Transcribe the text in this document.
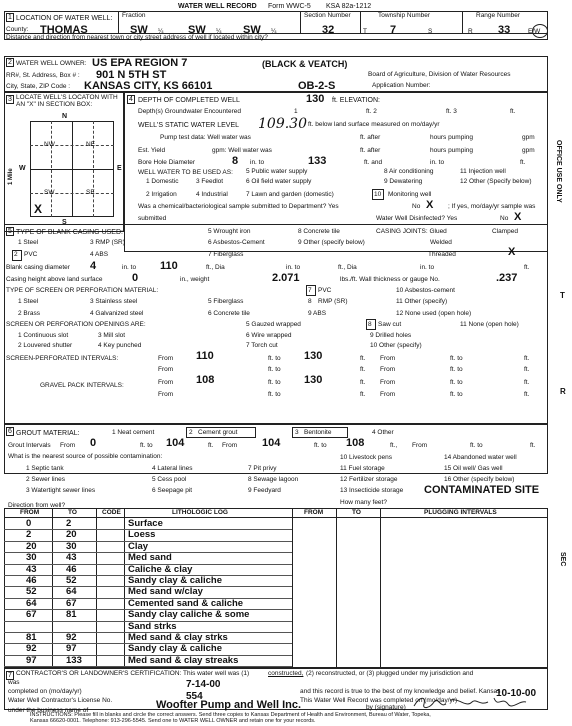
WATER WELL RECORD Form WWC-5 KSA 82a-1212
1 LOCATION OF WATER WELL:
County: THOMAS
Fraction
SW ¼ SW ¼ SW ¼
Section Number
32
Township Number
T 7	S
Range Number
R 33	E/W
Distance and direction from nearest town or city street address of well if located within city?
2 WATER WELL OWNER: US EPA REGION 7	(BLACK & VEATCH)
RR#, St. Address, Box # : 901 N 5TH ST
City, State, ZIP Code : KANSAS CITY, KS 66101	OB-2-S
Board of Agriculture, Division of Water Resources
Application Number:
3 LOCATE WELL'S LOCATON WITH AN "X" IN SECTION BOX:
N
S
W	E
NW	NE
SW	SE
X
1 Mile
4 DEPTH OF COMPLETED WELL	130 ft. ELEVATION:
Depth(s) Groundwater Encountered	1	ft. 2	ft. 3	ft.
WELL'S STATIC WATER LEVEL 109.30 ft. below land surface measured on mo/day/yr
Pump test data: Well water was	ft. after	hours pumping	gpm
Est. Yield	gpm: Well water was	ft. after	hours pumping	gpm
Bore Hole Diameter	8 in. to	133	ft. and	in. to	ft.
WELL WATER TO BE USED AS: 5 Public water supply
1 Domestic	3 Feedlot	6 Oil field water supply
8 Air conditioning
9 Dewatering
11 Injection well
12 Other (Specify below)
2 Irrigation	4 Industrial	7 Lawn and garden (domestic)	10 Monitoring well
Was a chemical/bacteriological sample submitted to Department? Yes	No X ; If yes, mo/day/yr sample was
submitted	Water Well Disinfected? Yes	No X
5 TYPE OF BLANK CASING USED:
1 Steel	3 RMP (SR)
5 Wrought iron
6 Asbestos-Cement
7 Fiberglass
8 Concrete tile
9 Other (specify below)
2 PVC	4 ABS
CASING JOINTS: Glued	Clamped
Welded
Threaded	X
Blank casing diameter 4	in. to 110	ft., Dia	in. to	ft., Dia	in. to	ft.
Casing height above land surface	0	in., weight	2.071	lbs./ft. Wall thickness or gauge No.	.237
TYPE OF SCREEN OR PERFORATION MATERIAL:
1 Steel	3 Stainless steel	5 Fiberglass
2 Brass	4 Galvanized steel	6 Concrete tile
7 PVC
8 RMP (SR)
9 ABS
10 Asbestos-cement
11 Other (specify)
12 None used (open hole)
SCREEN OR PERFORATION OPENINGS ARE:
1 Continuous slot
2 Louvered shutter
3 Mill slot
4 Key punched
5 Gauzed wrapped
6 Wire wrapped
7 Torch cut
8 Saw cut
9 Drilled holes
10 Other (specify)
11 None (open hole)
SCREEN-PERFORATED INTERVALS:	From 110	ft. to 130	ft. From	ft. to	ft.
From	ft. to	ft. From	ft. to	ft.
GRAVEL PACK INTERVALS:	From 108	ft. to 130	ft. From	ft. to	ft.
From	ft. to	ft. From	ft. to	ft.
6 GROUT MATERIAL:	1 Neat cement	2 Cement grout	3 Bentonite	4 Other
Grout Intervals From 0	ft. to 104	ft. From 104	ft. to 108	ft., From	ft. to	ft.
What is the nearest source of possible contamination:
1 Septic tank
2 Sewer lines
3 Watertight sewer lines
4 Lateral lines
5 Cess pool
6 Seepage pit
7 Pit privy
8 Sewage lagoon
9 Feedyard
10 Livestock pens
11 Fuel storage
12 Fertilizer storage
13 Insecticide storage
14 Abandoned water well
15 Oil well/ Gas well
16 Other (specify below)
CONTAMINATED SITE
How many feet?
Direction from well?
FROM	TO	CODE	LITHOLOGIC LOG	FROM	TO	PLUGGING INTERVALS
0	2	Surface
2	20	Loess
20	30	Clay
30	43	Med sand
43	46	Caliche & clay
46	52	Sandy clay & caliche
52	64	Med sand w/clay
64	67	Cemented sand & caliche
67	81	Sandy clay caliche & some
Sand strks
81	92	Med sand & clay strks
92	97	Sandy clay & caliche
97	133	Med sand & clay streaks
7 CONTRACTOR'S OR LANDOWNER'S CERTIFICATION: This water well was (1)	constructed, (2) reconstructed, or (3) plugged under my jurisdiction and
was
completed on (mo/day/yr)
7-14-00
and this record is true to the best of my knowledge and belief. Kansas
Water Well Contractor's License No.	554	This Water Well Record was completed on (mo/day/yr)
10-10-00
under the business name of	Woofter Pump and Well Inc.	by (signature)
INSTRUCTIONS: Please fill in blanks and circle the correct answers. Send three copies to Kansas Department of Health and Environment, Bureau of Water, Topeka,
Kansas 66620-0001. Telephone: 913-296-5545. Send one to WATER WELL OWNER and retain one for your records.
OFFICE USE ONLY
T
R
SEC
